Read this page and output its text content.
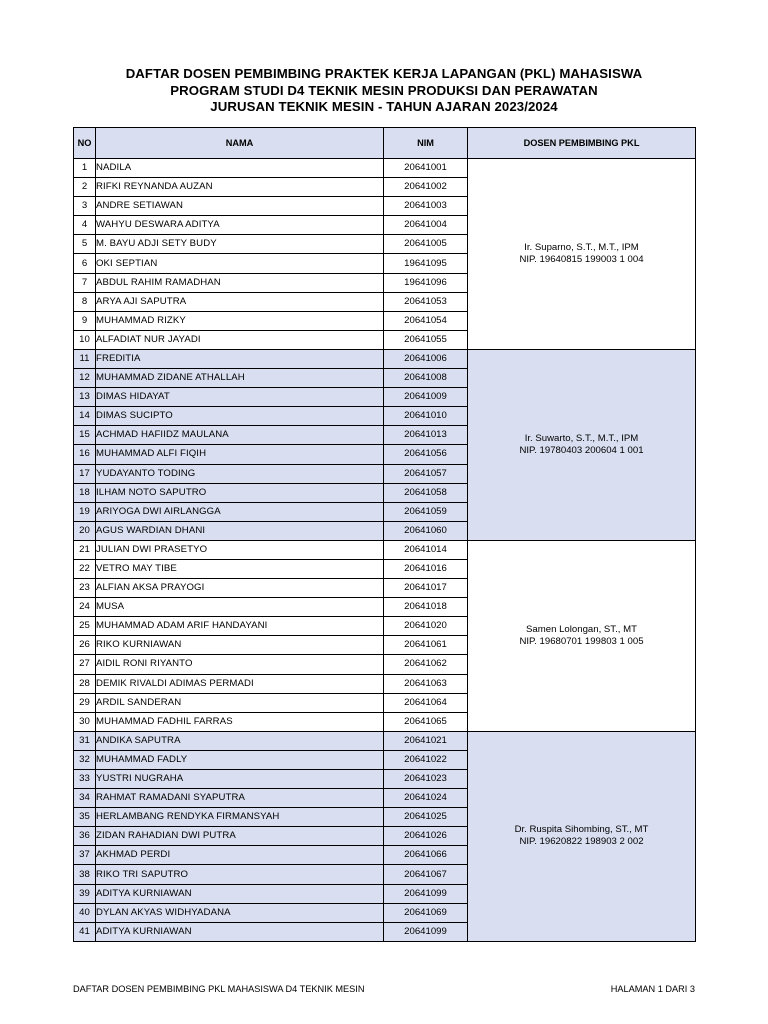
DAFTAR DOSEN PEMBIMBING PRAKTEK KERJA LAPANGAN (PKL) MAHASISWA
PROGRAM STUDI D4 TEKNIK MESIN PRODUKSI DAN PERAWATAN
JURUSAN TEKNIK MESIN - TAHUN AJARAN 2023/2024
NO	NAMA	NIM	DOSEN PEMBIMBING PKL
1	NADILA	20641001	Ir. Suparno, S.T., M.T., IPM
NIP. 19640815 199003 1 004

2	RIFKI REYNANDA AUZAN	20641002	
3	ANDRE SETIAWAN	20641003	
4	WAHYU DESWARA ADITYA	20641004	
5	M. BAYU ADJI SETY BUDY	20641005	
6	OKI SEPTIAN	19641095	
7	ABDUL RAHIM RAMADHAN	19641096	
8	ARYA AJI SAPUTRA	20641053	
9	MUHAMMAD RIZKY	20641054	
10	ALFADIAT NUR JAYADI	20641055	
11	FREDITIA	20641006	Ir. Suwarto, S.T., M.T., IPM
NIP. 19780403 200604 1 001

12	MUHAMMAD ZIDANE ATHALLAH	20641008	
13	DIMAS HIDAYAT	20641009	
14	DIMAS SUCIPTO	20641010	
15	ACHMAD HAFIIDZ MAULANA	20641013	
16	MUHAMMAD ALFI FIQIH	20641056	
17	YUDAYANTO TODING	20641057	
18	ILHAM NOTO SAPUTRO	20641058	
19	ARIYOGA DWI AIRLANGGA	20641059	
20	AGUS WARDIAN DHANI	20641060	
21	JULIAN DWI PRASETYO	20641014	Samen Lolongan, ST., MT
NIP. 19680701 199803 1 005

22	VETRO MAY TIBE	20641016	
23	ALFIAN AKSA PRAYOGI	20641017	
24	MUSA	20641018	
25	MUHAMMAD ADAM ARIF HANDAYANI	20641020	
26	RIKO KURNIAWAN	20641061	
27	AIDIL RONI RIYANTO	20641062	
28	DEMIK RIVALDI ADIMAS PERMADI	20641063	
29	ARDIL SANDERAN	20641064	
30	MUHAMMAD FADHIL FARRAS	20641065	
31	ANDIKA SAPUTRA	20641021	Dr. Ruspita Sihombing, ST., MT
NIP. 19620822 198903 2 002

32	MUHAMMAD FADLY	20641022	
33	YUSTRI NUGRAHA	20641023	
34	RAHMAT RAMADANI SYAPUTRA	20641024	
35	HERLAMBANG RENDYKA FIRMANSYAH	20641025	
36	ZIDAN RAHADIAN DWI PUTRA	20641026	
37	AKHMAD PERDI	20641066	
38	RIKO TRI SAPUTRO	20641067	
39	ADITYA KURNIAWAN	20641099	
40	DYLAN AKYAS WIDHYADANA	20641069	
41	ADITYA KURNIAWAN	20641099	
DAFTAR DOSEN PEMBIMBING PKL MAHASISWA D4 TEKNIK MESIN	HALAMAN 1 DARI 3
